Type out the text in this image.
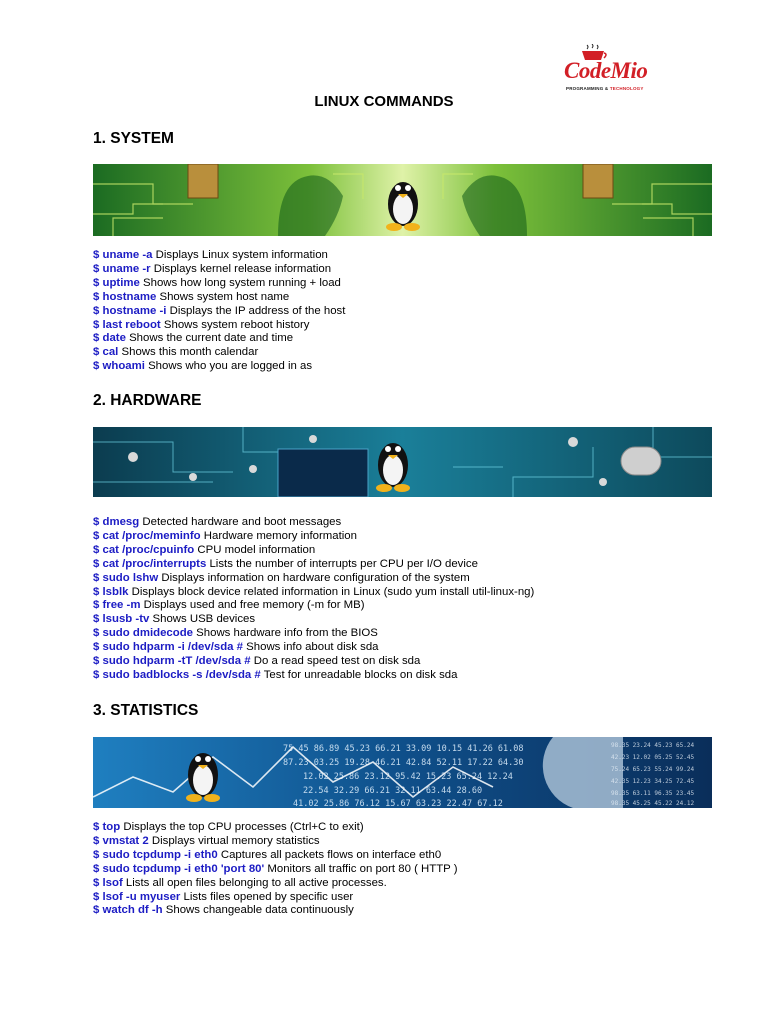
CodeMio
PROGRAMMING & TECHNOLOGY
LINUX COMMANDS
1. SYSTEM
$ uname -a Displays Linux system information
$ uname -r Displays kernel release information
$ uptime Shows how long system running + load
$ hostname Shows system host name
$ hostname -i Displays the IP address of the host
$ last reboot Shows system reboot history
$ date Shows the current date and time
$ cal Shows this month calendar
$ whoami Shows who you are logged in as
2. HARDWARE
$ dmesg Detected hardware and boot messages
$ cat /proc/meminfo Hardware memory information
$ cat /proc/cpuinfo CPU model information
$ cat /proc/interrupts Lists the number of interrupts per CPU per I/O device
$ sudo lshw Displays information on hardware configuration of the system
$ lsblk Displays block device related information in Linux (sudo yum install util-linux-ng)
$ free -m Displays used and free memory (-m for MB)
$ lsusb -tv Shows USB devices
$ sudo dmidecode Shows hardware info from the BIOS
$ sudo hdparm -i /dev/sda # Shows info about disk sda
$ sudo hdparm -tT /dev/sda # Do a read speed test on disk sda
$ sudo badblocks -s /dev/sda # Test for unreadable blocks on disk sda
3. STATISTICS
75 45 86.89 45.23 66.21 33.09 10.15 41.26 61.08
87.23 03.25 19.28 46.21 42.84 52.11 17.22 64.30
12.02 25.86 23.12 95.42 15.23 65.24 12.24
22.54 32.29 66.21 32.11 63.44 28.60
41.02 25.86 76.12 15.67 63.23 22.47 67.12
98.35 23.24 45.23 65.24
42.23 12.02 05.25 52.45
75.24 65.23 55.24 99.24
42.35 12.23 34.25 72.45
98.35 63.11 96.35 23.45
98.35 45.25 45.22 24.12
$ top Displays the top CPU processes (Ctrl+C to exit)
$ vmstat 2 Displays virtual memory statistics
$ sudo tcpdump -i eth0 Captures all packets flows on interface eth0
$ sudo tcpdump -i eth0 'port 80' Monitors all traffic on port 80 ( HTTP )
$ lsof Lists all open files belonging to all active processes.
$ lsof -u myuser Lists files opened by specific user
$ watch df -h Shows changeable data continuously
